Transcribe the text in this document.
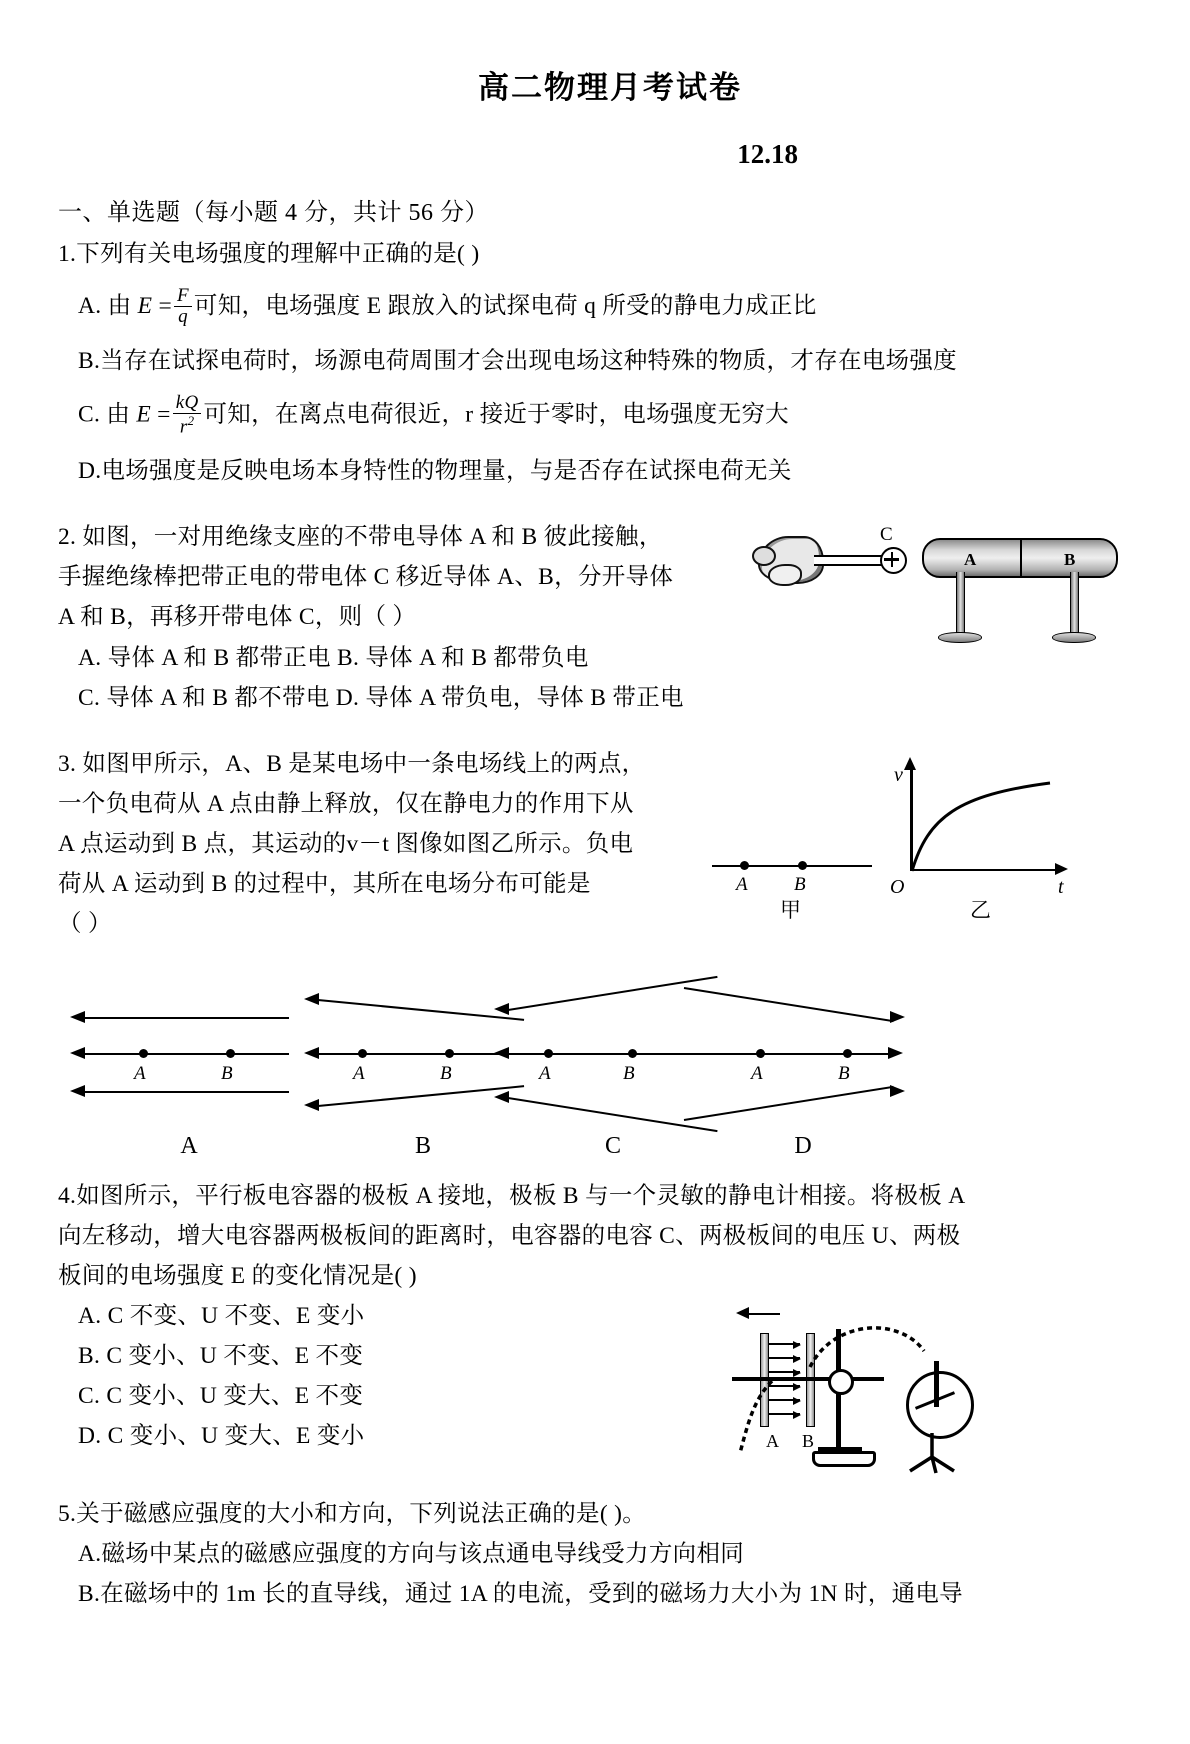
高二物理月考试卷
12.18
一、单选题（每小题 4 分，共计 56 分）
1.下列有关电场强度的理解中正确的是( )
A. 由 $E = \frac{F}{q}$ 可知，电场强度 E 跟放入的试探电荷 q 所受的静电力成正比
B.当存在试探电荷时，场源电荷周围才会出现电场这种特殊的物质，才存在电场强度
C. 由 $E = \frac{kQ}{r^2}$ 可知，在离点电荷很近，r 接近于零时，电场强度无穷大
D.电场强度是反映电场本身特性的物理量，与是否存在试探电荷无关
2. 如图，一对用绝缘支座的不带电导体 A 和 B 彼此接触，
手握绝缘棒把带正电的带电体 C 移近导体 A、B，分开导体
A 和 B，再移开带电体 C，则（ ）
A. 导体 A 和 B 都带正电 B. 导体 A 和 B 都带负电
C. 导体 A 和 B 都不带电 D. 导体 A 带负电，导体 B 带正电
C
A	B
3. 如图甲所示，A、B 是某电场中一条电场线上的两点，
一个负电荷从 A 点由静上释放，仅在静电力的作用下从
A 点运动到 B 点，其运动的v－t 图像如图乙所示。负电
荷从 A 运动到 B 的过程中，其所在电场分布可能是
（ ）
A B
甲
v
t
O
乙
A	B
A
A	B
B
A	B
C
A	B
D
4.如图所示，平行板电容器的极板 A 接地，极板 B 与一个灵敏的静电计相接。将极板 A
向左移动，增大电容器两极板间的距离时，电容器的电容 C、两极板间的电压 U、两极
板间的电场强度 E 的变化情况是( )
A. C 不变、U 不变、E 变小
B. C 变小、U 不变、E 不变
C. C 变小、U 变大、E 不变
D. C 变小、U 变大、E 变小	A B
5.关于磁感应强度的大小和方向，下列说法正确的是( )。
A.磁场中某点的磁感应强度的方向与该点通电导线受力方向相同
B.在磁场中的 1m 长的直导线，通过 1A 的电流，受到的磁场力大小为 1N 时，通电导
